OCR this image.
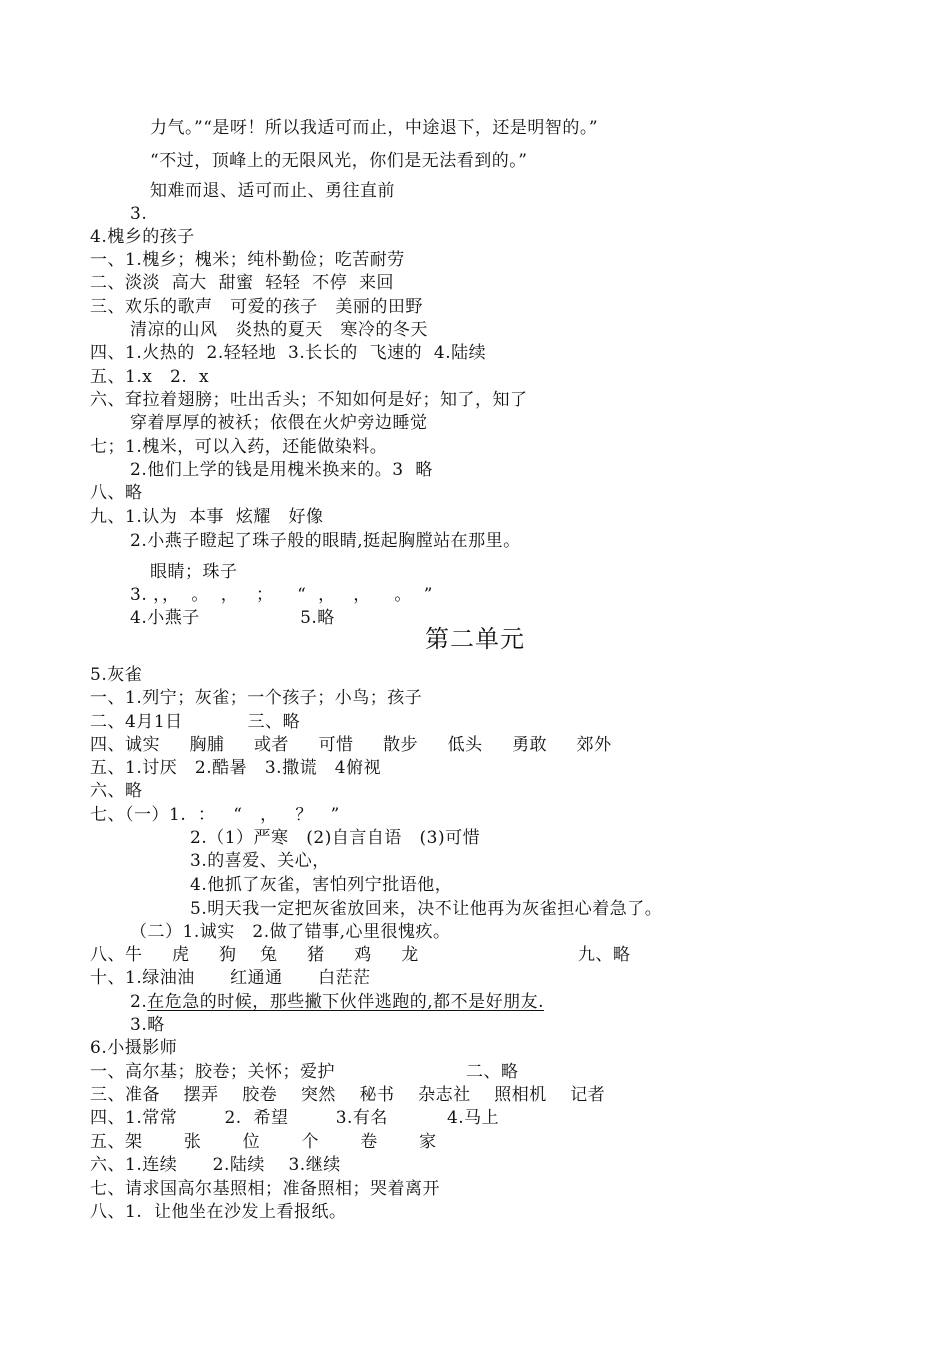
力气。”“是呀！所以我适可而止，中途退下，还是明智的。”
“不过，顶峰上的无限风光，你们是无法看到的。”
知难而退、适可而止、勇往直前
3.
4.槐乡的孩子
一、1.槐乡；槐米；纯朴勤俭；吃苦耐劳
二、淡淡  高大  甜蜜  轻轻  不停  来回
三、欢乐的歌声   可爱的孩子   美丽的田野
清凉的山风   炎热的夏天   寒冷的冬天
四、1.火热的  2.轻轻地  3.长长的  飞速的  4.陆续
五、1.x   2.  x
六、耷拉着翅膀；吐出舌头；不知如何是好；知了，知了
穿着厚厚的被袄；依偎在火炉旁边睡觉
七；1.槐米，可以入药，还能做染料。
2.他们上学的钱是用槐米换来的。3  略
八、略
九、1.认为  本事  炫耀   好像
2.小燕子瞪起了珠子般的眼睛,挺起胸膛站在那里。
眼睛；珠子
3. ，，  。  ，   ；    “  ，   ，    。  ”
4.小燕子                 5.略
第二单元
5.灰雀
一、1.列宁；灰雀；一个孩子；小鸟；孩子
二、4月1日           三、略
四、诚实     胸脯     或者     可惜     散步     低头     勇敢     郊外
五、1.讨厌   2.酷暑   3.撒谎   4俯视
六、略
七、（一）1.  ：   “   ，   ？   ”
2.（1）严寒   (2)自言自语   (3)可惜
3.的喜爱、关心，
4.他抓了灰雀，害怕列宁批语他，
5.明天我一定把灰雀放回来，决不让他再为灰雀担心着急了。
（二）1.诚实   2.做了错事,心里很愧疚。
八、牛     虎     狗    兔     猪     鸡     龙	九、略
十、1.绿油油      红通通      白茫茫
2.在危急的时候，那些撇下伙伴逃跑的,都不是好朋友.
3.略
6.小摄影师
一、高尔基；胶卷；关怀；爱护	二、略
三、准备    摆弄    胶卷    突然    秘书    杂志社    照相机    记者
四、1.常常        2.  希望        3.有名          4.马上
五、架       张       位       个       卷       家
六、1.连续      2.陆续    3.继续
七、请求国高尔基照相；准备照相；哭着离开
八、1.  让他坐在沙发上看报纸。
